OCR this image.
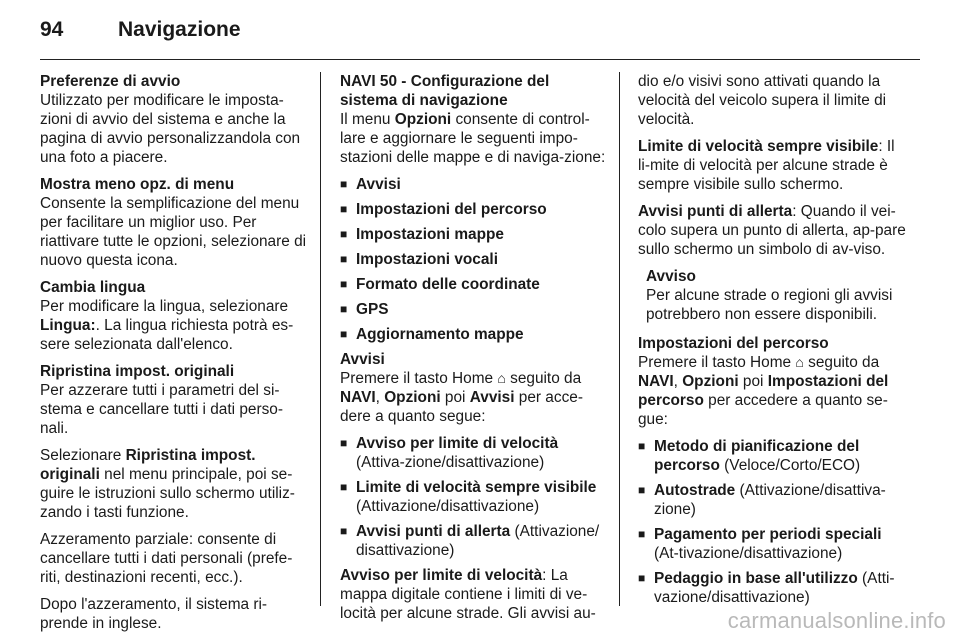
94	Navigazione
Preferenze di avvio
Utilizzato per modificare le imposta-zioni di avvio del sistema e anche la pagina di avvio personalizzandola con una foto a piacere.
Mostra meno opz. di menu
Consente la semplificazione del menu per facilitare un miglior uso. Per riattivare tutte le opzioni, selezionare di nuovo questa icona.
Cambia lingua
Per modificare la lingua, selezionare Lingua:. La lingua richiesta potrà es-sere selezionata dall'elenco.
Ripristina impost. originali

Per azzerare tutti i parametri del si-stema e cancellare tutti i dati perso-nali.

Selezionare Ripristina impost. originali nel menu principale, poi se-guire le istruzioni sullo schermo utiliz-zando i tasti funzione.

Azzeramento parziale: consente di cancellare tutti i dati personali (prefe-riti, destinazioni recenti, ecc.).

Dopo l'azzeramento, il sistema ri-prende in inglese.

NAVI 50 - Configurazione del sistema di navigazione
Il menu Opzioni consente di control-lare e aggiornare le seguenti impo-stazioni delle mappe e di naviga-zione:
■ Avvisi
■ Impostazioni del percorso
■ Impostazioni mappe
■ Impostazioni vocali
■ Formato delle coordinate
■ GPS
■ Aggiornamento mappe
Avvisi

Premere il tasto Home ⌂ seguito da NAVI, Opzioni poi Avvisi per acce-dere a quanto segue:

■ Avviso per limite di velocità (Attiva-zione/disattivazione)
■ Limite di velocità sempre visibile (Attivazione/disattivazione)
■ Avvisi punti di allerta (Attivazione/ disattivazione)

Avviso per limite di velocità: La mappa digitale contiene i limiti di ve-locità per alcune strade. Gli avvisi au-

dio e/o visivi sono attivati quando la velocità del veicolo supera il limite di velocità.

Limite di velocità sempre visibile: Il li-mite di velocità per alcune strade è sempre visibile sullo schermo.

Avvisi punti di allerta: Quando il vei-colo supera un punto di allerta, ap-pare sullo schermo un simbolo di av-viso.

Avviso
Per alcune strade o regioni gli avvisi potrebbero non essere disponibili.
Impostazioni del percorso

Premere il tasto Home ⌂ seguito da NAVI, Opzioni poi Impostazioni del percorso per accedere a quanto se-gue:

■ Metodo di pianificazione del percorso (Veloce/Corto/ECO)
■ Autostrade (Attivazione/disattiva-zione)
■ Pagamento per periodi speciali (At-tivazione/disattivazione)
■ Pedaggio in base all'utilizzo (Atti-vazione/disattivazione)
carmanualsonline.info
